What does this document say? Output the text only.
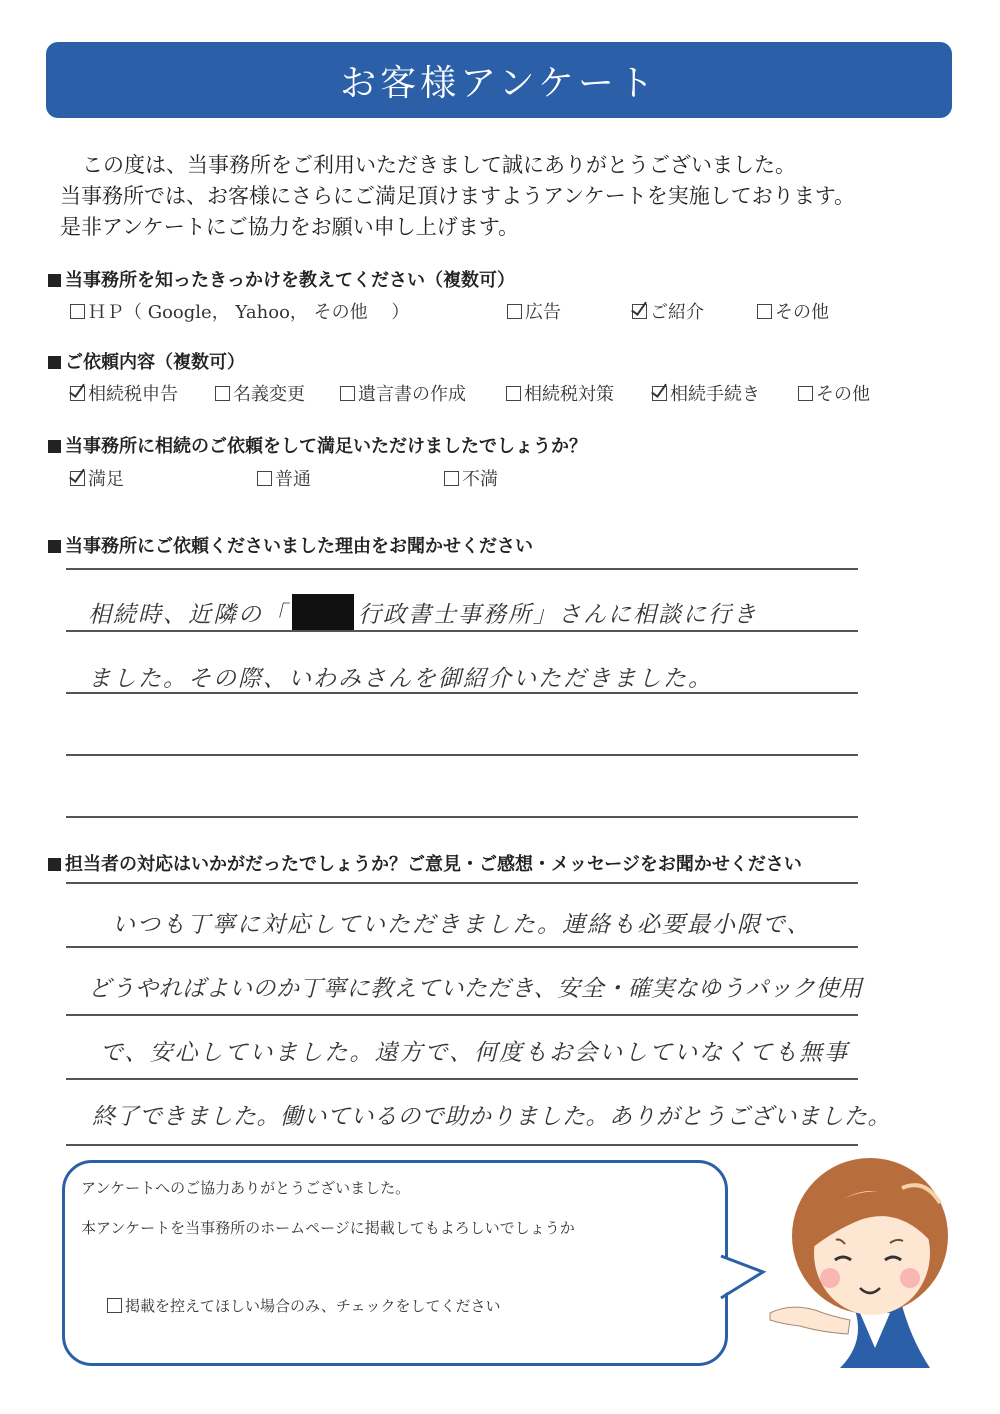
お客様アンケート
この度は、当事務所をご利用いただきまして誠にありがとうございました。
当事務所では、お客様にさらにご満足頂けますようアンケートを実施しております。
是非アンケートにご協力をお願い申し上げます。
当事務所を知ったきっかけを教えてください（複数可）
ＨＰ（ Google， Yahoo， その他　 ）	広告	ご紹介	その他
ご依頼内容（複数可）
相続税申告	名義変更	遺言書の作成	相続税対策	相続手続き	その他
当事務所に相続のご依頼をして満足いただけましたでしょうか？
満足	普通	不満
当事務所にご依頼くださいました理由をお聞かせください
相続時、近隣の「	行政書士事務所」さんに相談に行き
ました。その際、いわみさんを御紹介いただきました。
担当者の対応はいかがだったでしょうか？ご意見・ご感想・メッセージをお聞かせください
いつも丁寧に対応していただきました。連絡も必要最小限で、
どうやればよいのか丁寧に教えていただき、安全・確実なゆうパック使用
で、安心していました。遠方で、何度もお会いしていなくても無事
終了できました。働いているので助かりました。ありがとうございました。
アンケートへのご協力ありがとうございました。
本アンケートを当事務所のホームページに掲載してもよろしいでしょうか
掲載を控えてほしい場合のみ、チェックをしてください
